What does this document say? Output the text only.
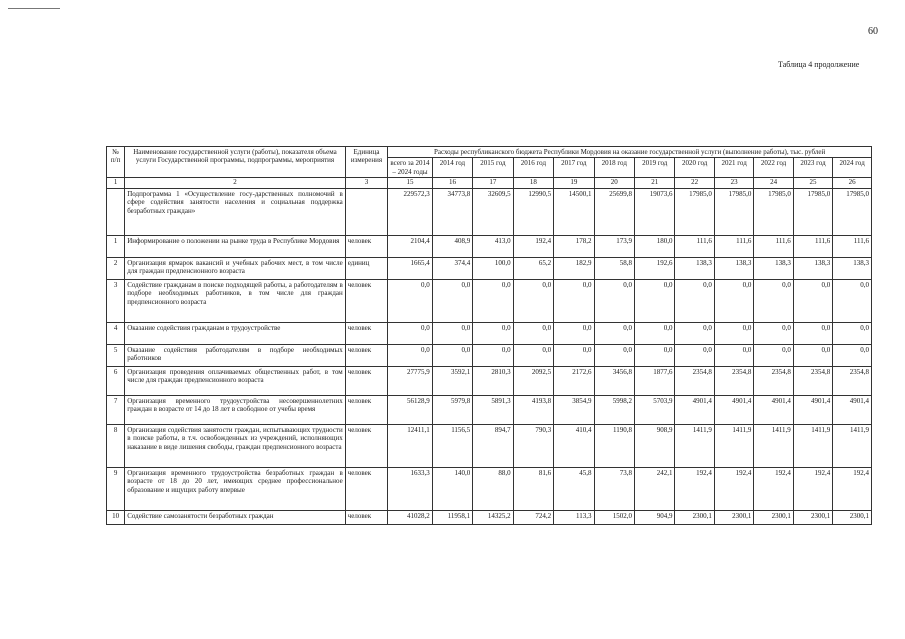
60
Таблица 4 продолжение
№ п/п	Наименование государственной услуги (работы), показателя объема услуги Государственной программы, подпрограммы, мероприятия	Единица измерения	Расходы республиканского бюджета Республики Мордовия на оказание государственной услуги (выполнение работы), тыс. рублей											
			всего за 2014 – 2024 годы	2014 год	2015 год	2016 год	2017 год	2018 год	2019 год	2020 год	2021 год	2022 год	2023 год	2024 год
1	2	3	15	16	17	18	19	20	21	22	23	24	25	26
	Подпрограмма 1 «Осуществление госу-дарственных полномочий в сфере содействия занятости населения и социальная поддержка безработных граждан»		229572,3	34773,8	32609,5	12990,5	14500,1	25699,8	19073,6	17985,0	17985,0	17985,0	17985,0	17985,0
1	Информирование о положении на рынке труда в Республике Мордовия	человек	2104,4	408,9	413,0	192,4	178,2	173,9	180,0	111,6	111,6	111,6	111,6	111,6
2	Организация ярмарок вакансий и учебных рабочих мест, в том числе для граждан предпенсионного возраста	единиц	1665,4	374,4	100,0	65,2	182,9	58,8	192,6	138,3	138,3	138,3	138,3	138,3
3	Содействие гражданам в поиске подходящей работы, а работодателям в подборе необходимых работников, в том числе для граждан предпенсионного возраста	человек	0,0	0,0	0,0	0,0	0,0	0,0	0,0	0,0	0,0	0,0	0,0	0,0
4	Оказание содействия гражданам в трудоустройстве	человек	0,0	0,0	0,0	0,0	0,0	0,0	0,0	0,0	0,0	0,0	0,0	0,0
5	Оказание содействия работодателям в подборе необходимых работников	человек	0,0	0,0	0,0	0,0	0,0	0,0	0,0	0,0	0,0	0,0	0,0	0,0
6	Организация проведения оплачиваемых общественных работ, в том числе для граждан предпенсионного возраста	человек	27775,9	3592,1	2810,3	2092,5	2172,6	3456,8	1877,6	2354,8	2354,8	2354,8	2354,8	2354,8
7	Организация временного трудоустройства несовершеннолетних граждан в возрасте от 14 до 18 лет в свободное от учебы время	человек	56128,9	5979,8	5891,3	4193,8	3854,9	5998,2	5703,9	4901,4	4901,4	4901,4	4901,4	4901,4
8	Организация содействия занятости граждан, испытывающих трудности в поиске работы, в т.ч. освобожденных из учреждений, исполняющих наказание в виде лишения свободы, граждан предпенсионного возраста	человек	12411,1	1156,5	894,7	790,3	410,4	1190,8	908,9	1411,9	1411,9	1411,9	1411,9	1411,9
9	Организация временного трудоустройства безработных граждан в возрасте от 18 до 20 лет, имеющих среднее профессиональное образование и ищущих работу впервые	человек	1633,3	140,0	88,0	81,6	45,8	73,8	242,1	192,4	192,4	192,4	192,4	192,4
10	Содействие самозанятости безработных граждан	человек	41028,2	11958,1	14325,2	724,2	113,3	1502,0	904,9	2300,1	2300,1	2300,1	2300,1	2300,1
